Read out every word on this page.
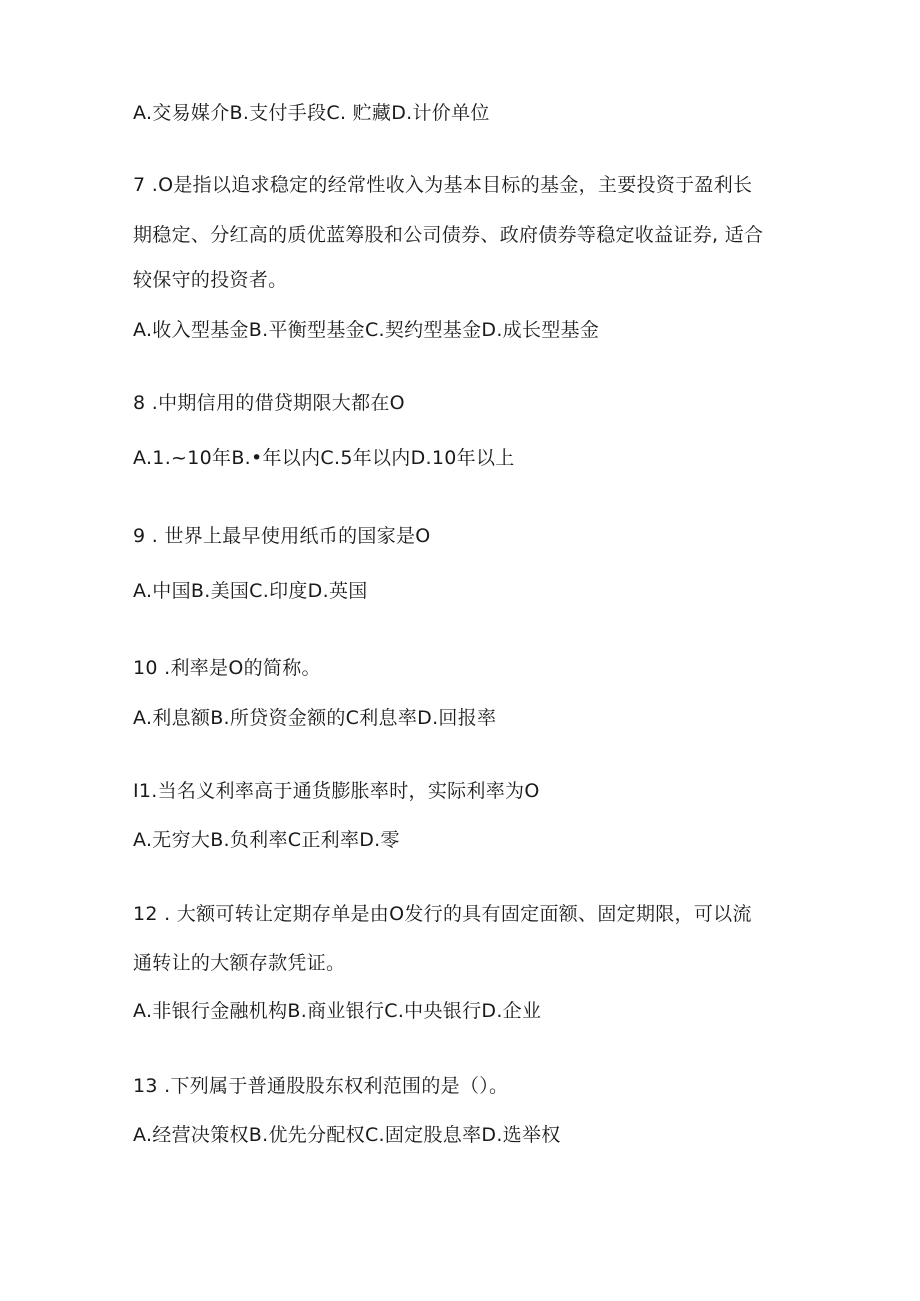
A.交易媒介B.支付手段C. 贮藏D.计价单位
7 .O是指以追求稳定的经常性收入为基本目标的基金，主要投资于盈利长
期稳定、分红高的质优蓝筹股和公司债券、政府债券等稳定收益证券, 适合
较保守的投资者。
A.收入型基金B.平衡型基金C.契约型基金D.成长型基金
8 .中期信用的借贷期限大都在O
A.1.~10年B.•年以内C.5年以内D.10年以上
9 . 世界上最早使用纸币的国家是O
A.中国B.美国C.印度D.英国
10 .利率是O的简称。
A.利息额B.所贷资金额的C利息率D.回报率
I1.当名义利率高于通货膨胀率时，实际利率为O
A.无穷大B.负利率C正利率D.零
12 . 大额可转让定期存单是由O发行的具有固定面额、固定期限，可以流
通转让的大额存款凭证。
A.非银行金融机构B.商业银行C.中央银行D.企业
13 .下列属于普通股股东权利范围的是（）。
A.经营决策权B.优先分配权C.固定股息率D.选举权
